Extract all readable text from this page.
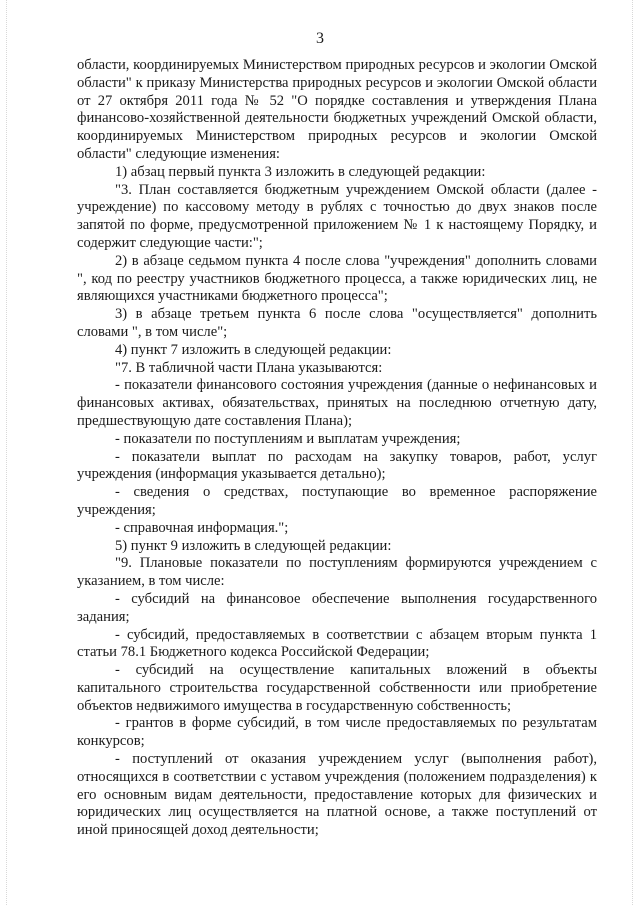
3

области, координируемых Министерством природных ресурсов и экологии Омской области" к приказу Министерства природных ресурсов и экологии Омской области от 27 октября 2011 года № 52 "О порядке составления и утверждения Плана финансово-хозяйственной деятельности бюджетных учреждений Омской области, координируемых Министерством природных ресурсов и экологии Омской области" следующие изменения:

1) абзац первый пункта 3 изложить в следующей редакции:

"3. План составляется бюджетным учреждением Омской области (далее - учреждение) по кассовому методу в рублях с точностью до двух знаков после запятой по форме, предусмотренной приложением № 1 к настоящему Порядку, и содержит следующие части:";

2) в абзаце седьмом пункта 4 после слова "учреждения" дополнить словами ", код по реестру участников бюджетного процесса, а также юридических лиц, не являющихся участниками бюджетного процесса";

3) в абзаце третьем пункта 6 после слова "осуществляется" дополнить словами ", в том числе";

4) пункт 7 изложить в следующей редакции:

"7. В табличной части Плана указываются:

- показатели финансового состояния учреждения (данные о нефинансовых и финансовых активах, обязательствах, принятых на последнюю отчетную дату, предшествующую дате составления Плана);

- показатели по поступлениям и выплатам учреждения;

- показатели выплат по расходам на закупку товаров, работ, услуг учреждения (информация указывается детально);

- сведения о средствах, поступающие во временное распоряжение учреждения;

- справочная информация.";

5) пункт 9 изложить в следующей редакции:

"9. Плановые показатели по поступлениям формируются учреждением с указанием, в том числе:

- субсидий на финансовое обеспечение выполнения государственного задания;

- субсидий, предоставляемых в соответствии с абзацем вторым пункта 1 статьи 78.1 Бюджетного кодекса Российской Федерации;

- субсидий на осуществление капитальных вложений в объекты капитального строительства государственной собственности или приобретение объектов недвижимого имущества в государственную собственность;

- грантов в форме субсидий, в том числе предоставляемых по результатам конкурсов;

- поступлений от оказания учреждением услуг (выполнения работ), относящихся в соответствии с уставом учреждения (положением подразделения) к его основным видам деятельности, предоставление которых для физических и юридических лиц осуществляется на платной основе, а также поступлений от иной приносящей доход деятельности;
